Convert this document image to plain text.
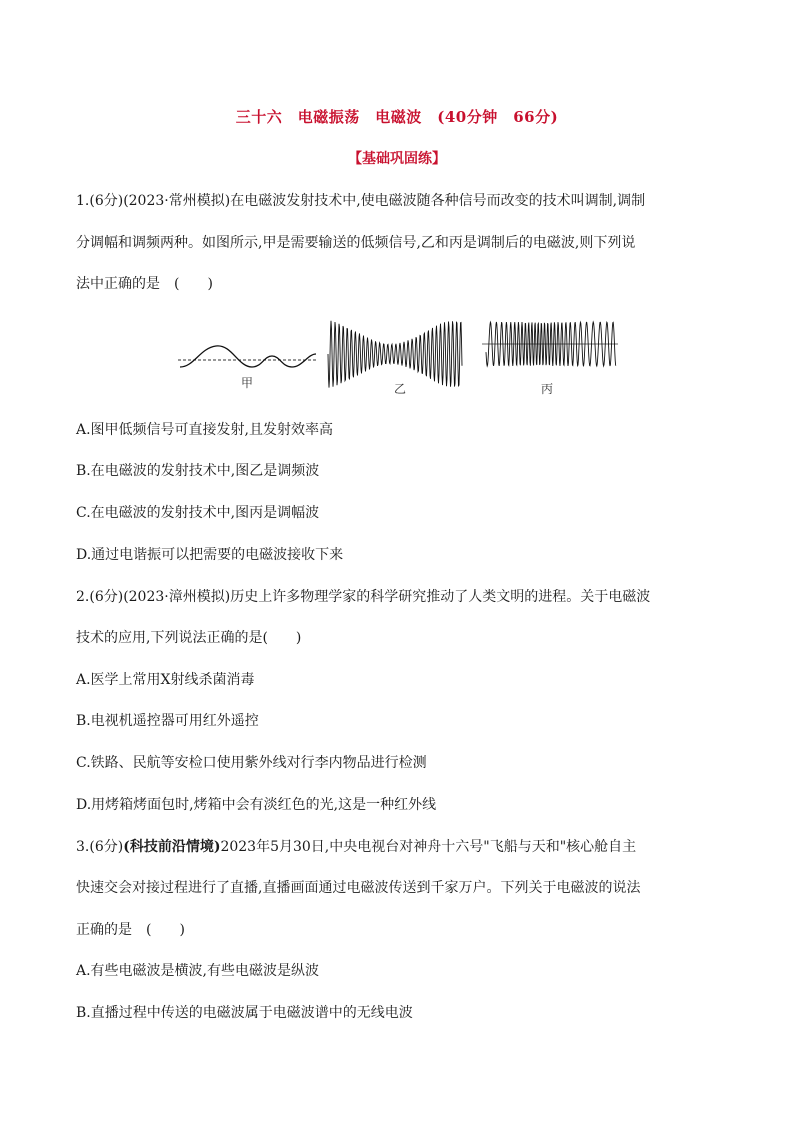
三十六　电磁振荡　电磁波　(40分钟　66分)
【基础巩固练】
1.(6分)(2023·常州模拟)在电磁波发射技术中,使电磁波随各种信号而改变的技术叫调制,调制
分调幅和调频两种。如图所示,甲是需要输送的低频信号,乙和丙是调制后的电磁波,则下列说
法中正确的是　(　　)
甲	乙	丙
A.图甲低频信号可直接发射,且发射效率高
B.在电磁波的发射技术中,图乙是调频波
C.在电磁波的发射技术中,图丙是调幅波
D.通过电谐振可以把需要的电磁波接收下来
2.(6分)(2023·漳州模拟)历史上许多物理学家的科学研究推动了人类文明的进程。关于电磁波
技术的应用,下列说法正确的是(　　)
A.医学上常用X射线杀菌消毒
B.电视机遥控器可用红外遥控
C.铁路、民航等安检口使用紫外线对行李内物品进行检测
D.用烤箱烤面包时,烤箱中会有淡红色的光,这是一种红外线
3.(6分)(科技前沿情境)2023年5月30日,中央电视台对神舟十六号"飞船与天和"核心舱自主
快速交会对接过程进行了直播,直播画面通过电磁波传送到千家万户。下列关于电磁波的说法
正确的是　(　　)
A.有些电磁波是横波,有些电磁波是纵波
B.直播过程中传送的电磁波属于电磁波谱中的无线电波
